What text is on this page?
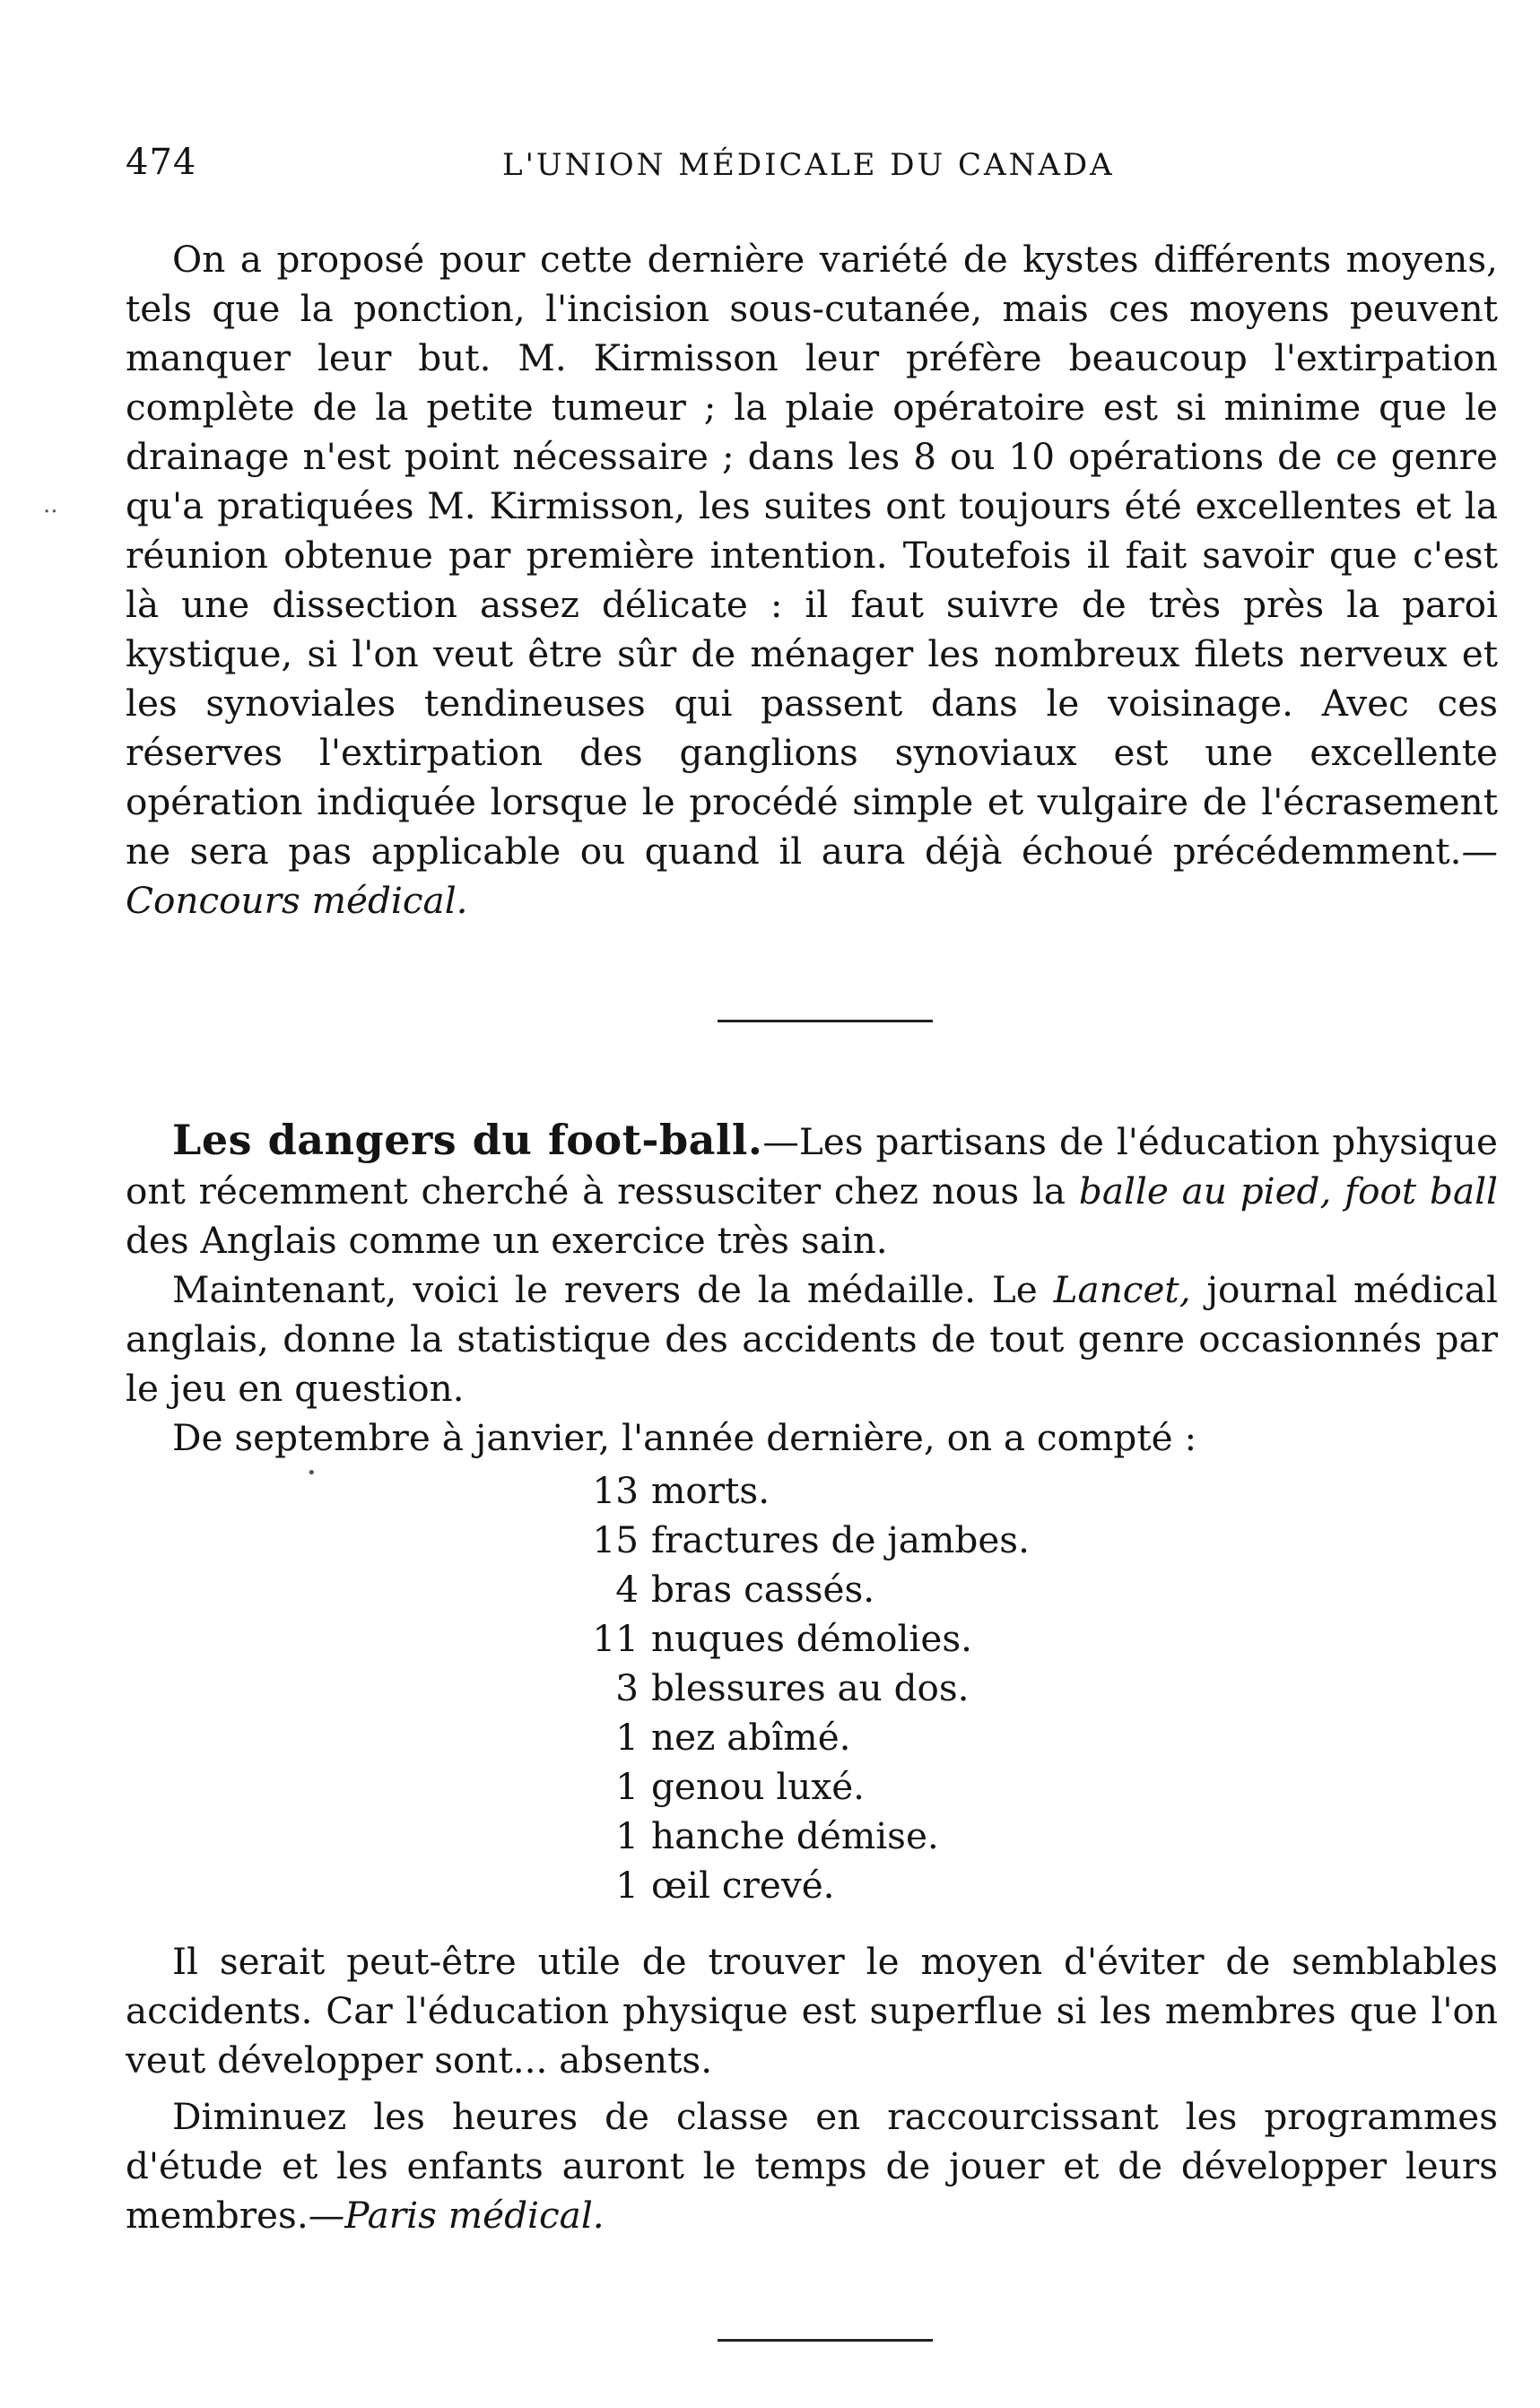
474	L'UNION MÉDICALE DU CANADA
..
•

On a proposé pour cette dernière variété de kystes différents moyens, tels que la ponction, l'incision sous-cutanée, mais ces moyens peuvent manquer leur but. M. Kirmisson leur préfère beaucoup l'extirpation complète de la petite tumeur ; la plaie opératoire est si minime que le drainage n'est point nécessaire ; dans les 8 ou 10 opérations de ce genre qu'a pratiquées M. Kirmisson, les suites ont toujours été excellentes et la réunion obtenue par première intention. Toutefois il fait savoir que c'est là une dissection assez délicate : il faut suivre de très près la paroi kystique, si l'on veut être sûr de ménager les nombreux filets nerveux et les synoviales tendineuses qui passent dans le voisinage. Avec ces réserves l'extirpation des ganglions synoviaux est une excellente opération indiquée lorsque le procédé simple et vulgaire de l'écrasement ne sera pas applicable ou quand il aura déjà échoué précédemment.—Concours médical.

Les dangers du foot-ball.—Les partisans de l'éducation physique ont récemment cherché à ressusciter chez nous la balle au pied, foot ball des Anglais comme un exercice très sain.

Maintenant, voici le revers de la médaille. Le Lancet, journal médical anglais, donne la statistique des accidents de tout genre occasionnés par le jeu en question.

De septembre à janvier, l'année dernière, on a compté :

13 morts.
15 fractures de jambes.
4 bras cassés.
11 nuques démolies.
3 blessures au dos.
1 nez abîmé.
1 genou luxé.
1 hanche démise.
1 œil crevé.

Il serait peut-être utile de trouver le moyen d'éviter de semblables accidents. Car l'éducation physique est superflue si les membres que l'on veut développer sont... absents.

Diminuez les heures de classe en raccourcissant les programmes d'étude et les enfants auront le temps de jouer et de développer leurs membres.—Paris médical.
